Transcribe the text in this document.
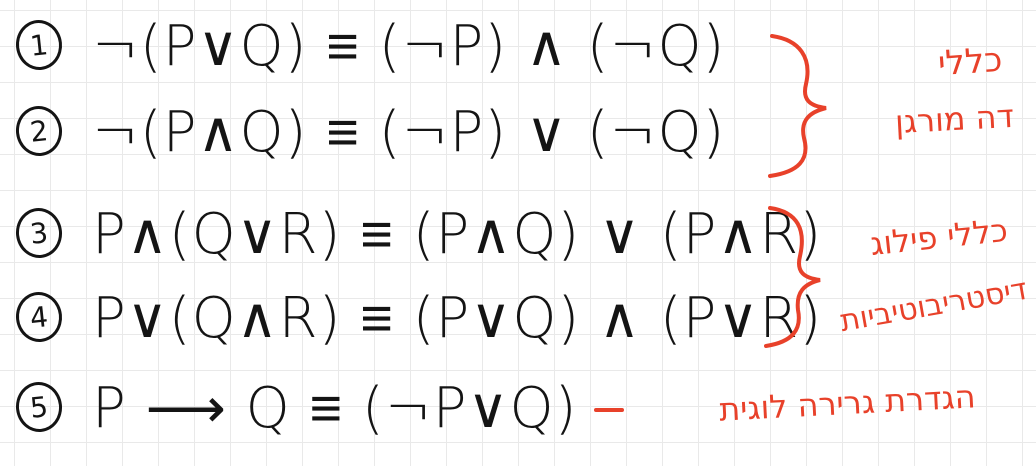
1 ¬(P∨Q) ≡ (¬P) ∧ (¬Q)
2 ¬(P∧Q) ≡ (¬P) ∨ (¬Q)
3 P∧(Q∨R) ≡ (P∧Q) ∨ (P∧R)
4 P∨(Q∧R) ≡ (P∨Q) ∧ (P∨R)
5 P ⟶ Q ≡ (¬P∨Q)
כללי
דה מורגן
כללי פילוג
דיסטריבוטיביות
הגדרת גרירה לוגית
